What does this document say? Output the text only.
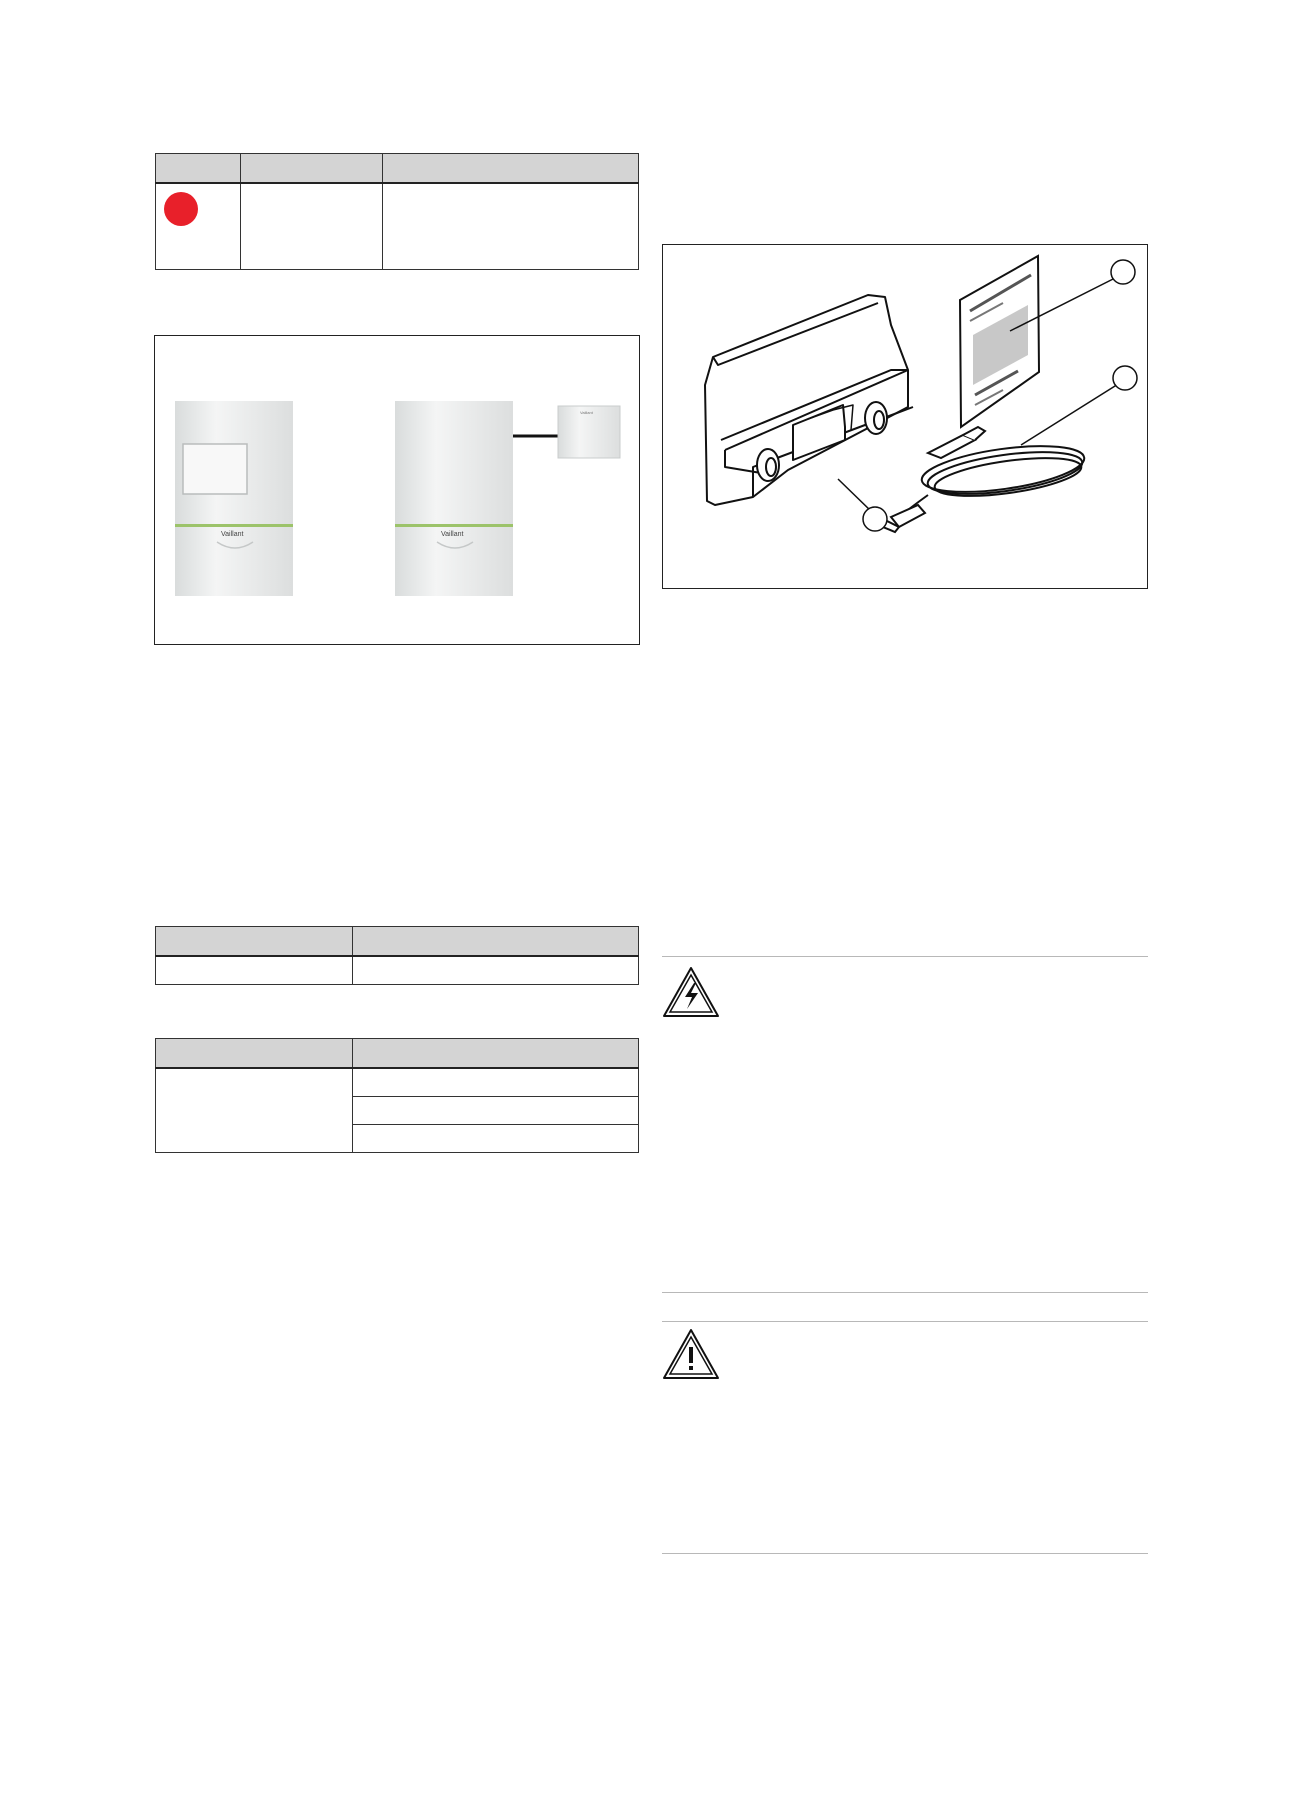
Vaillant	Vaillant
Vaillant
